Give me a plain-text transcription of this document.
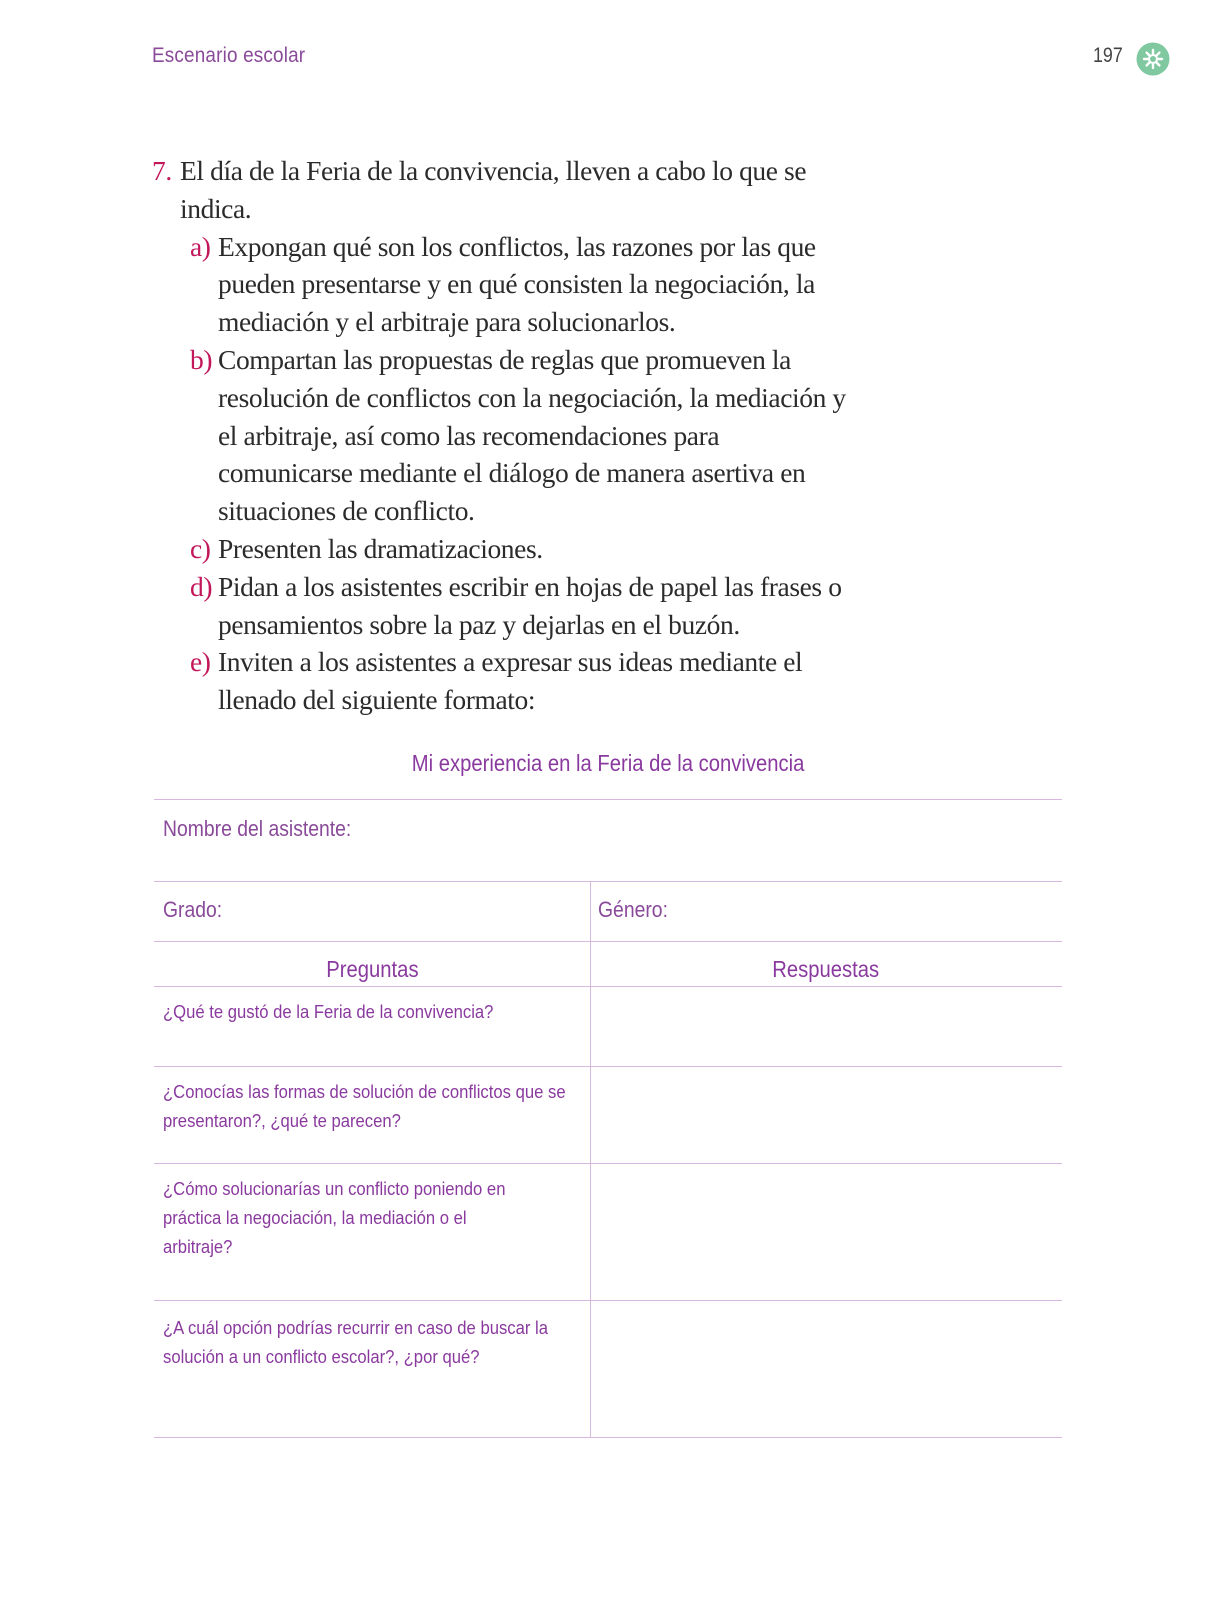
Escenario escolar	197
7. El día de la Feria de la convivencia, lleven a cabo lo que se indica.
a) Expongan qué son los conflictos, las razones por las que pueden presentarse y en qué consisten la negociación, la mediación y el arbitraje para solucionarlos.
b) Compartan las propuestas de reglas que promueven la resolución de conflictos con la negociación, la mediación y el arbitraje, así como las recomendaciones para comunicarse mediante el diálogo de manera asertiva en situaciones de conflicto.
c) Presenten las dramatizaciones.
d) Pidan a los asistentes escribir en hojas de papel las frases o pensamientos sobre la paz y dejarlas en el buzón.
e) Inviten a los asistentes a expresar sus ideas mediante el llenado del siguiente formato:
Mi experiencia en la Feria de la convivencia
Nombre del asistente:
Grado:	Género:
Preguntas	Respuestas
¿Qué te gustó de la Feria de la convivencia?
¿Conocías las formas de solución de conflictos que se presentaron?, ¿qué te parecen?
¿Cómo solucionarías un conflicto poniendo en práctica la negociación, la mediación o el arbitraje?
¿A cuál opción podrías recurrir en caso de buscar la solución a un conflicto escolar?, ¿por qué?
